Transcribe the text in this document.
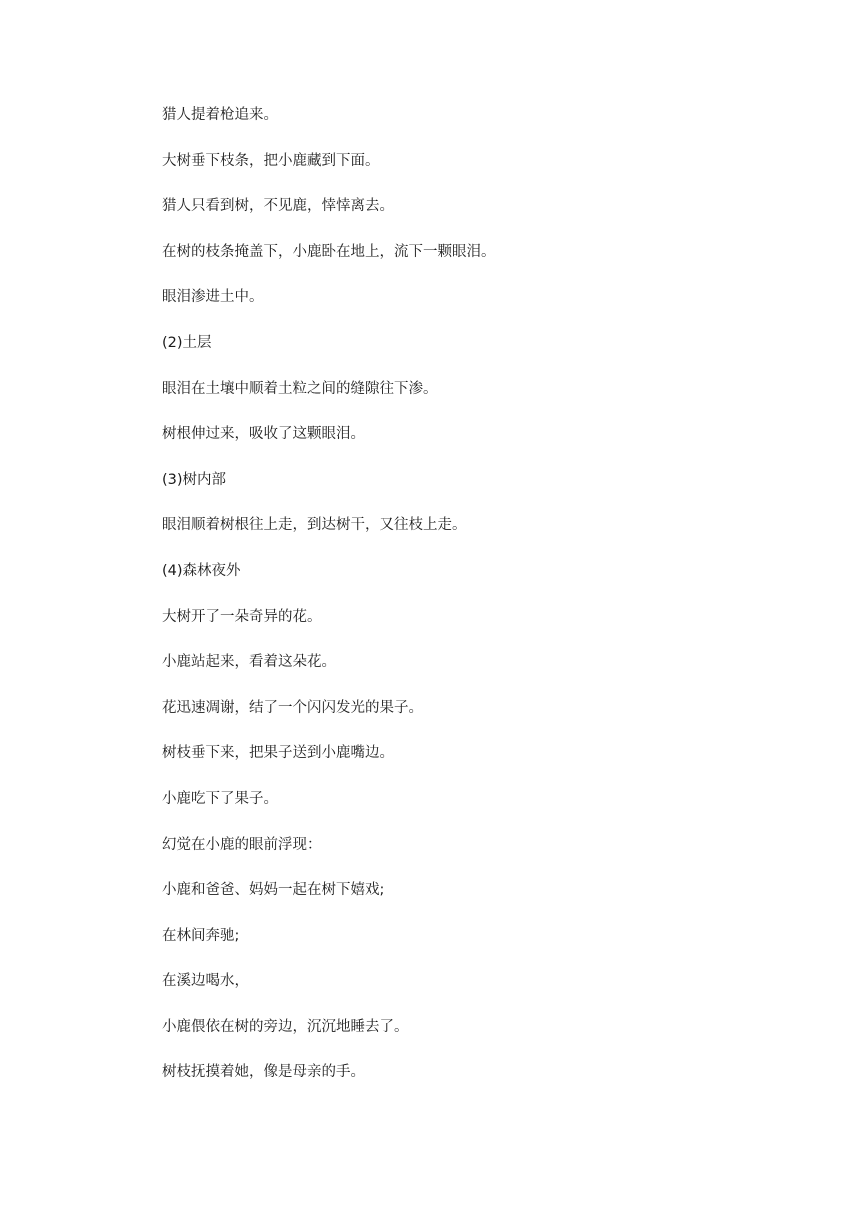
猎人提着枪追来。
大树垂下枝条，把小鹿藏到下面。
猎人只看到树，不见鹿，悻悻离去。
在树的枝条掩盖下，小鹿卧在地上，流下一颗眼泪。
眼泪渗进土中。
(2)土层
眼泪在土壤中顺着土粒之间的缝隙往下渗。
树根伸过来，吸收了这颗眼泪。
(3)树内部
眼泪顺着树根往上走，到达树干，又往枝上走。
(4)森林夜外
大树开了一朵奇异的花。
小鹿站起来，看着这朵花。
花迅速凋谢，结了一个闪闪发光的果子。
树枝垂下来，把果子送到小鹿嘴边。
小鹿吃下了果子。
幻觉在小鹿的眼前浮现：
小鹿和爸爸、妈妈一起在树下嬉戏;
在林间奔驰;
在溪边喝水，
小鹿偎依在树的旁边，沉沉地睡去了。
树枝抚摸着她，像是母亲的手。
